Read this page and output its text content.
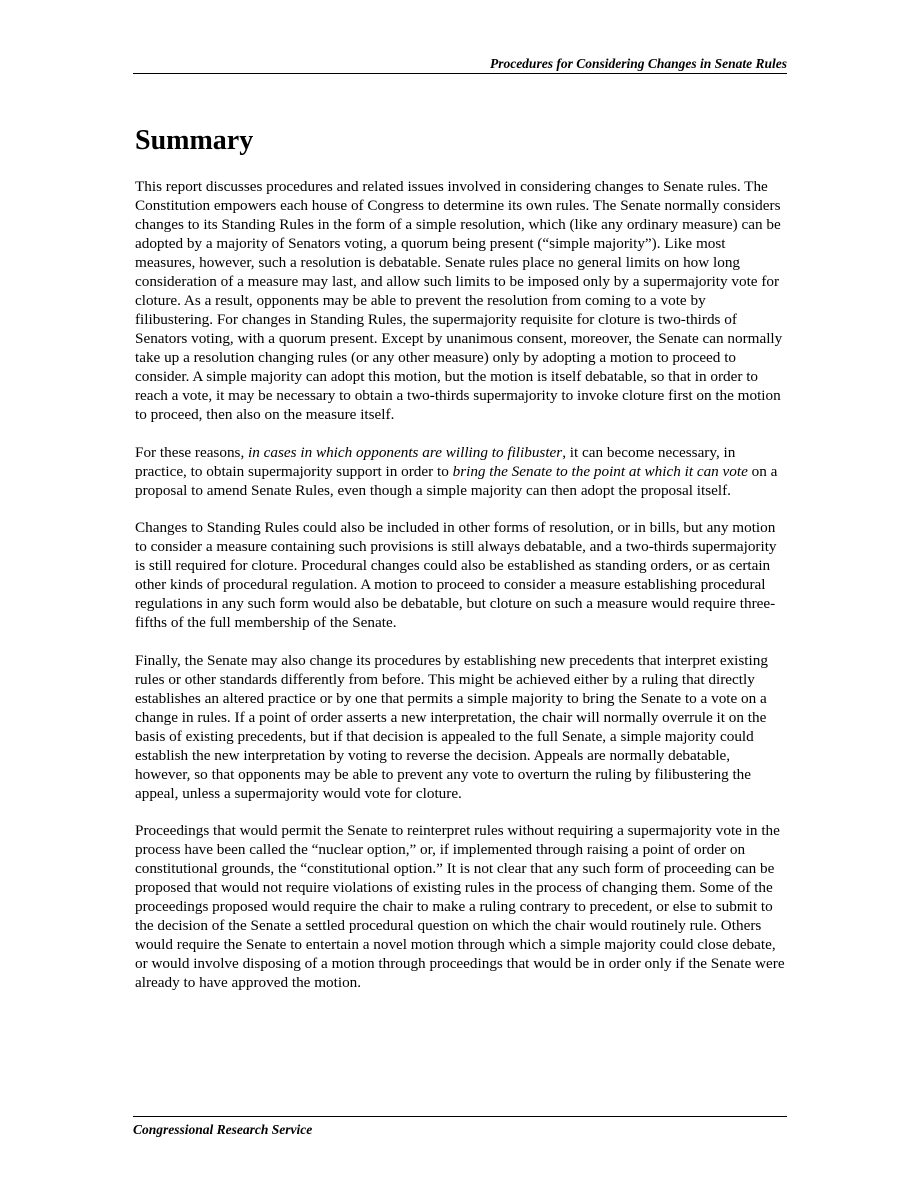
Procedures for Considering Changes in Senate Rules
Summary

This report discusses procedures and related issues involved in considering changes to Senate rules. The Constitution empowers each house of Congress to determine its own rules. The Senate normally considers changes to its Standing Rules in the form of a simple resolution, which (like any ordinary measure) can be adopted by a majority of Senators voting, a quorum being present (“simple majority”). Like most measures, however, such a resolution is debatable. Senate rules place no general limits on how long consideration of a measure may last, and allow such limits to be imposed only by a supermajority vote for cloture. As a result, opponents may be able to prevent the resolution from coming to a vote by filibustering. For changes in Standing Rules, the supermajority requisite for cloture is two-thirds of Senators voting, with a quorum present. Except by unanimous consent, moreover, the Senate can normally take up a resolution changing rules (or any other measure) only by adopting a motion to proceed to consider. A simple majority can adopt this motion, but the motion is itself debatable, so that in order to reach a vote, it may be necessary to obtain a two-thirds supermajority to invoke cloture first on the motion to proceed, then also on the measure itself.

For these reasons, in cases in which opponents are willing to filibuster, it can become necessary, in practice, to obtain supermajority support in order to bring the Senate to the point at which it can vote on a proposal to amend Senate Rules, even though a simple majority can then adopt the proposal itself.

Changes to Standing Rules could also be included in other forms of resolution, or in bills, but any motion to consider a measure containing such provisions is still always debatable, and a two-thirds supermajority is still required for cloture. Procedural changes could also be established as standing orders, or as certain other kinds of procedural regulation. A motion to proceed to consider a measure establishing procedural regulations in any such form would also be debatable, but cloture on such a measure would require three-fifths of the full membership of the Senate.

Finally, the Senate may also change its procedures by establishing new precedents that interpret existing rules or other standards differently from before. This might be achieved either by a ruling that directly establishes an altered practice or by one that permits a simple majority to bring the Senate to a vote on a change in rules. If a point of order asserts a new interpretation, the chair will normally overrule it on the basis of existing precedents, but if that decision is appealed to the full Senate, a simple majority could establish the new interpretation by voting to reverse the decision. Appeals are normally debatable, however, so that opponents may be able to prevent any vote to overturn the ruling by filibustering the appeal, unless a supermajority would vote for cloture.

Proceedings that would permit the Senate to reinterpret rules without requiring a supermajority vote in the process have been called the “nuclear option,” or, if implemented through raising a point of order on constitutional grounds, the “constitutional option.” It is not clear that any such form of proceeding can be proposed that would not require violations of existing rules in the process of changing them. Some of the proceedings proposed would require the chair to make a ruling contrary to precedent, or else to submit to the decision of the Senate a settled procedural question on which the chair would routinely rule. Others would require the Senate to entertain a novel motion through which a simple majority could close debate, or would involve disposing of a motion through proceedings that would be in order only if the Senate were already to have approved the motion.

Congressional Research Service
